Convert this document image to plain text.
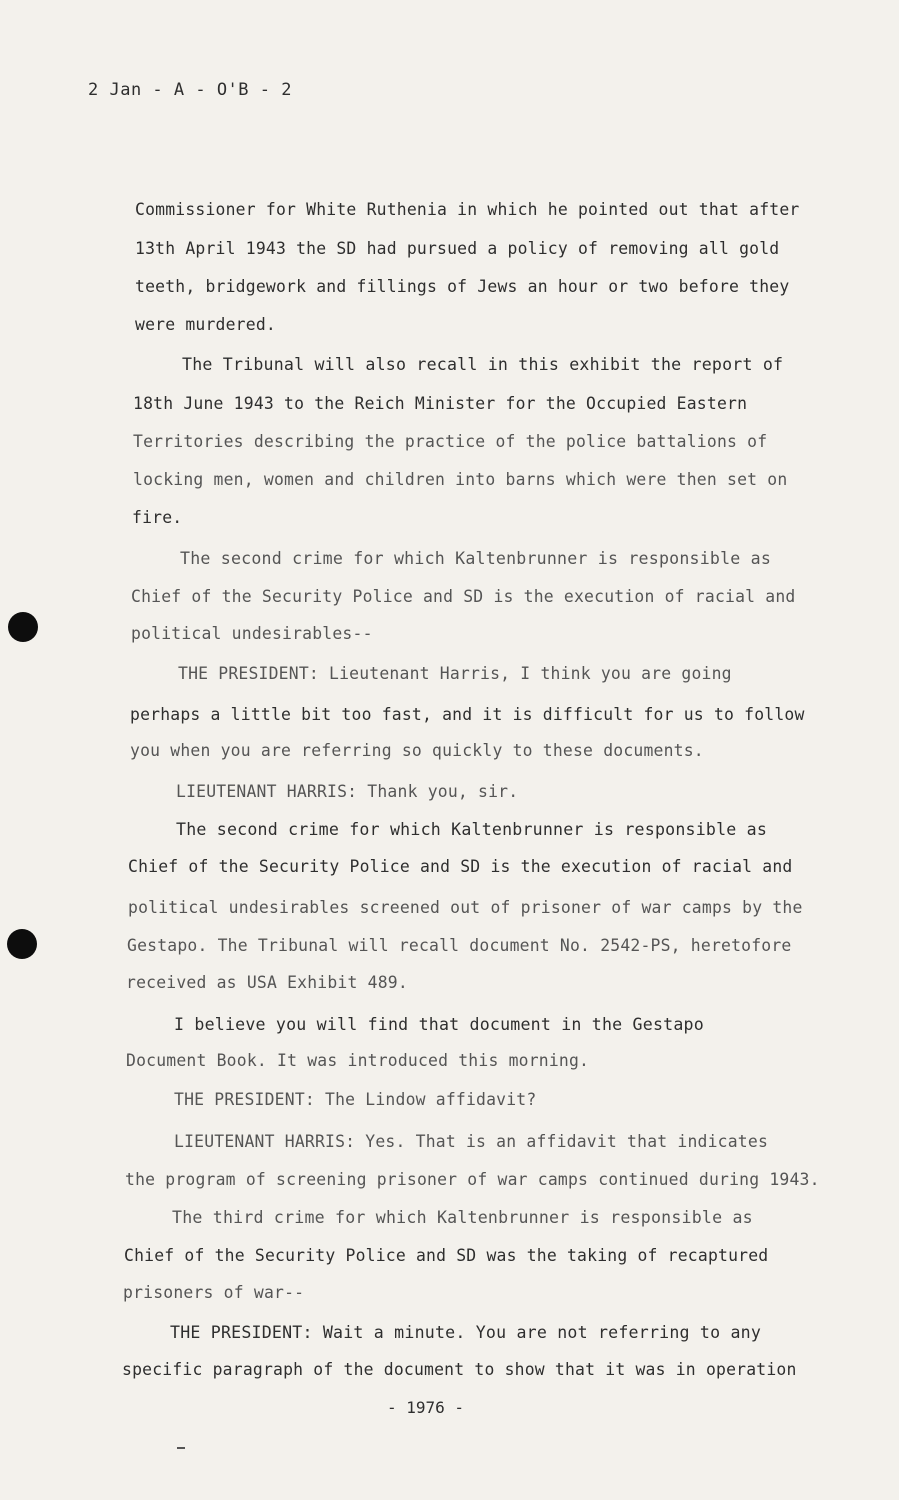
2 Jan - A - O'B - 2
Commissioner for White Ruthenia in which he pointed out that after
13th April 1943 the SD had pursued a policy of removing all gold
teeth, bridgework and fillings of Jews an hour or two before they
were murdered.
The Tribunal will also recall in this exhibit the report of
18th June 1943 to the Reich Minister for the Occupied Eastern
Territories describing the practice of the police battalions of
locking men, women and children into barns which were then set on
fire.
The second crime for which Kaltenbrunner is responsible as
Chief of the Security Police and SD is the execution of racial and
political undesirables--
THE PRESIDENT: Lieutenant Harris, I think you are going
perhaps a little bit too fast, and it is difficult for us to follow
you when you are referring so quickly to these documents.
LIEUTENANT HARRIS: Thank you, sir.
The second crime for which Kaltenbrunner is responsible as
Chief of the Security Police and SD is the execution of racial and
political undesirables screened out of prisoner of war camps by the
Gestapo. The Tribunal will recall document No. 2542-PS, heretofore
received as USA Exhibit 489.
I believe you will find that document in the Gestapo
Document Book. It was introduced this morning.
THE PRESIDENT: The Lindow affidavit?
LIEUTENANT HARRIS: Yes. That is an affidavit that indicates
the program of screening prisoner of war camps continued during 1943.
The third crime for which Kaltenbrunner is responsible as
Chief of the Security Police and SD was the taking of recaptured
prisoners of war--
THE PRESIDENT: Wait a minute. You are not referring to any
specific paragraph of the document to show that it was in operation
- 1976 -
